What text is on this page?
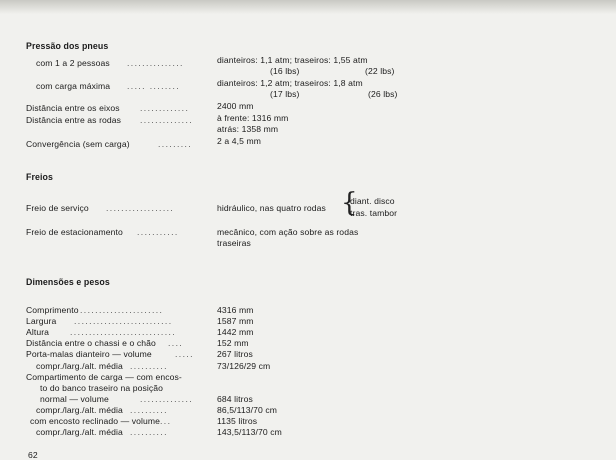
Pressão dos pneus
com 1 a 2 pessoas ...............	dianteiros: 1,1 atm; traseiros: 1,55 atm
(16 lbs)	(22 lbs)
com carga máxima ..... ........	dianteiros: 1,2 atm; traseiros: 1,8 atm
(17 lbs)	(26 lbs)
Distância entre os eixos .............	2400 mm
Distância entre as rodas ..............	à frente: 1316 mm
atrás: 1358 mm
Convergência (sem carga)	.........	2 a 4,5 mm
Freios
Freio de serviço ..................	hidráulico, nas quatro rodas {
diant. disco
tras. tambor
Freio de estacionamento ...........	mecânico, com ação sobre as rodas
traseiras
Dimensões e pesos
Comprimento ......................	4316 mm
Largura ..........................	1587 mm
Altura ............................	1442 mm
Distância entre o chassi e o chão ....	152 mm
Porta-malas dianteiro — volume	.....	267 litros
compr./larg./alt. média ..........	73/126/29 cm
Compartimento de carga — com encos-
to do banco traseiro na posição
normal — volume	..............	684 litros
compr./larg./alt. média ..........	86,5/113/70 cm
com encosto reclinado — volume ...	1135 litros
compr./larg./alt. média ..........	143,5/113/70 cm
62
